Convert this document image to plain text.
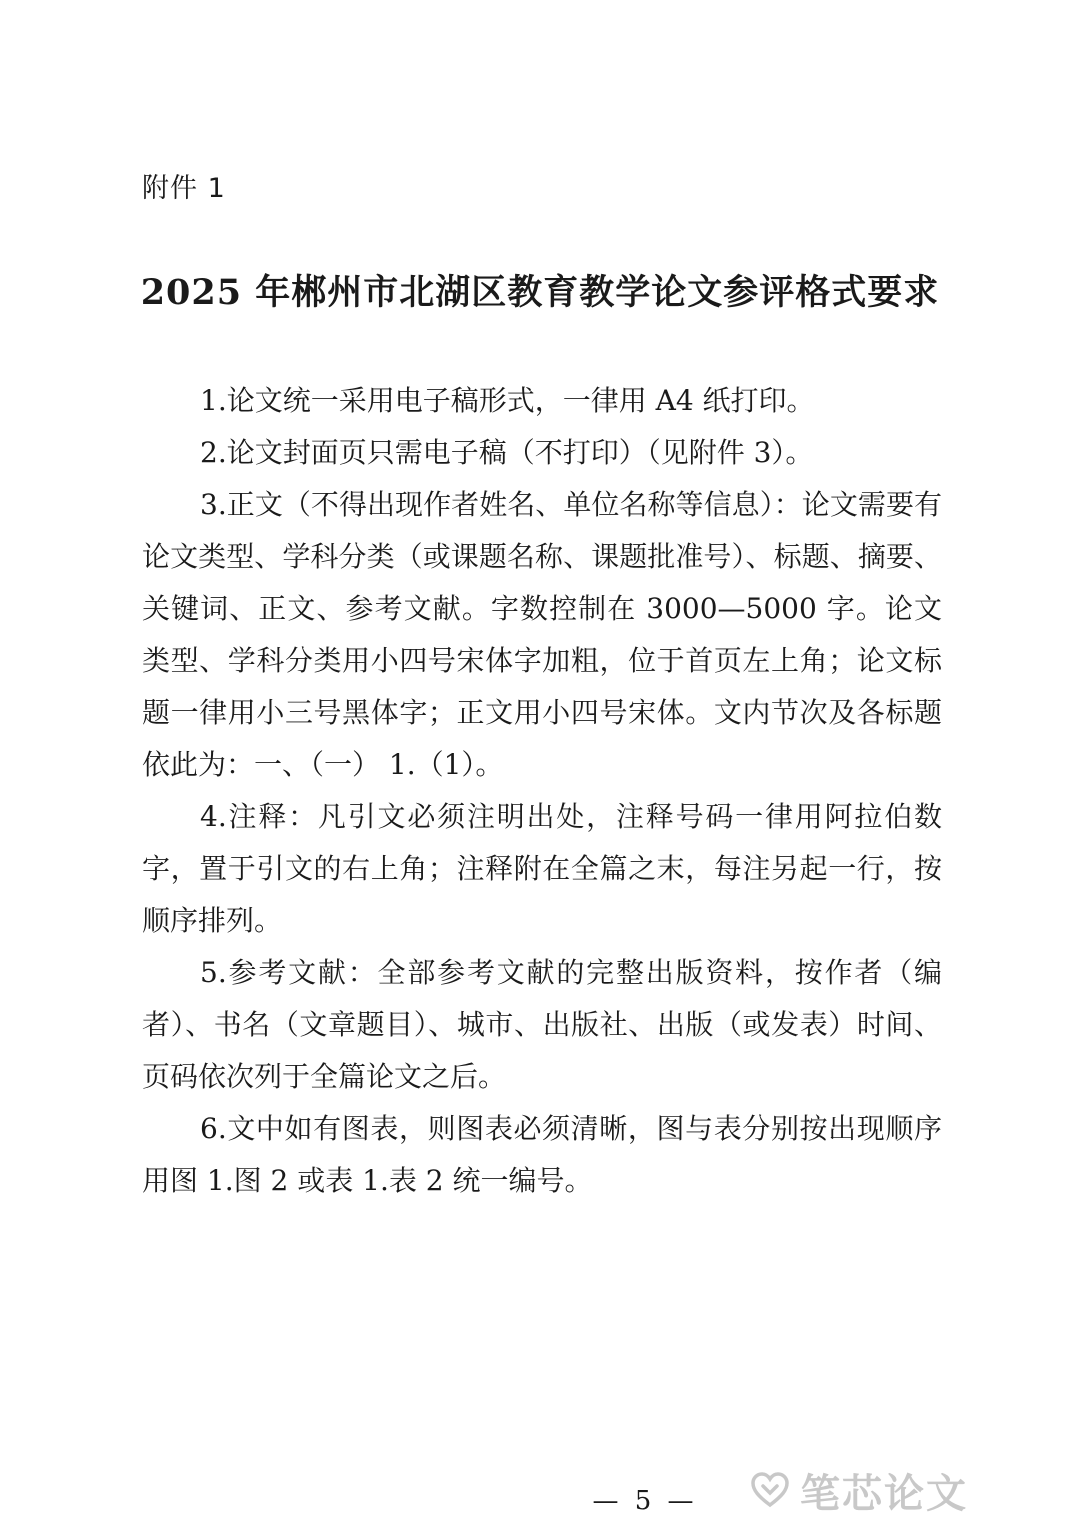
附件 1
2025 年郴州市北湖区教育教学论文参评格式要求

1.论文统一采用电子稿形式，一律用 A4 纸打印。

2.论文封面页只需电子稿（不打印）（见附件 3）。

3.正文（不得出现作者姓名、单位名称等信息）：论文需要有论文类型、学科分类（或课题名称、课题批准号）、标题、摘要、关键词、正文、参考文献。字数控制在 3000—5000 字。论文类型、学科分类用小四号宋体字加粗，位于首页左上角；论文标题一律用小三号黑体字；正文用小四号宋体。文内节次及各标题依此为：一、（一） 1.（1）。

4.注释：凡引文必须注明出处，注释号码一律用阿拉伯数字，置于引文的右上角；注释附在全篇之末，每注另起一行，按顺序排列。

5.参考文献：全部参考文献的完整出版资料，按作者（编者）、书名（文章题目）、城市、出版社、出版（或发表）时间、页码依次列于全篇论文之后。

6.文中如有图表，则图表必须清晰，图与表分别按出现顺序用图 1.图 2 或表 1.表 2 统一编号。

笔芯论文
— 5 —
